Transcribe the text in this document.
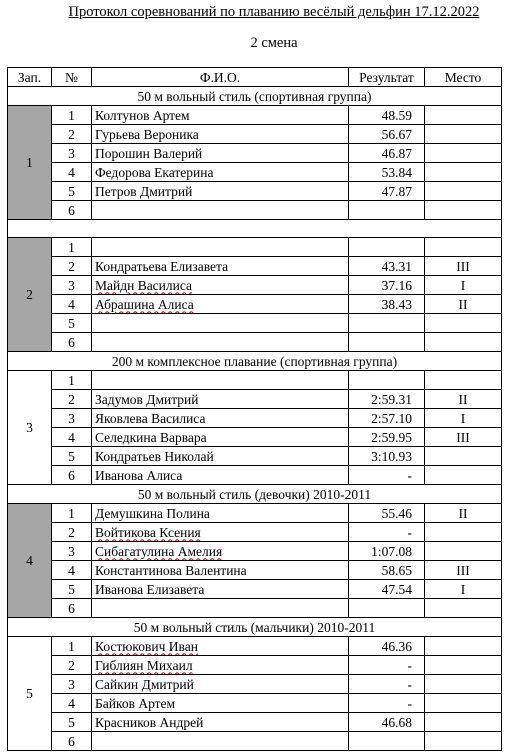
Протокол соревнований по плаванию весёлый дельфин 17.12.2022
2 смена
Зап.	№	Ф.И.О.	Результат	Место
50 м вольный стиль (спортивная группа)				
1	1	Колтунов Артем	48.59	
	2	Гурьева Вероника	56.67	
	3	Порошин Валерий	46.87	
	4	Федорова Екатерина	53.84	
	5	Петров Дмитрий	47.87	
	6			

2	1			
	2	Кондратьева Елизавета	43.31	III
	3	Майдн Василиса	37.16	I
	4	Абрашина Алиса	38.43	II
	5			
	6			
200 м комплексное плавание (спортивная группа)				
3	1			
	2	Задумов Дмитрий	2:59.31	II
	3	Яковлева Василиса	2:57.10	I
	4	Селедкина Варвара	2:59.95	III
	5	Кондратьев Николай	3:10.93	
	6	Иванова Алиса	-	
50 м вольный стиль (девочки) 2010-2011				
4	1	Демушкина Полина	55.46	II
	2	Войтикова Ксения	-	
	3	Сибагатулина Амелия	1:07.08	
	4	Константинова Валентина	58.65	III
	5	Иванова Елизавета	47.54	I
	6			
50 м вольный стиль (мальчики) 2010-2011				
5	1	Костюкович Иван	46.36	
	2	Гиблиян Михаил	-	
	3	Сайкин Дмитрий	-	
	4	Байков Артем	-	
	5	Красников Андрей	46.68	
	6			
